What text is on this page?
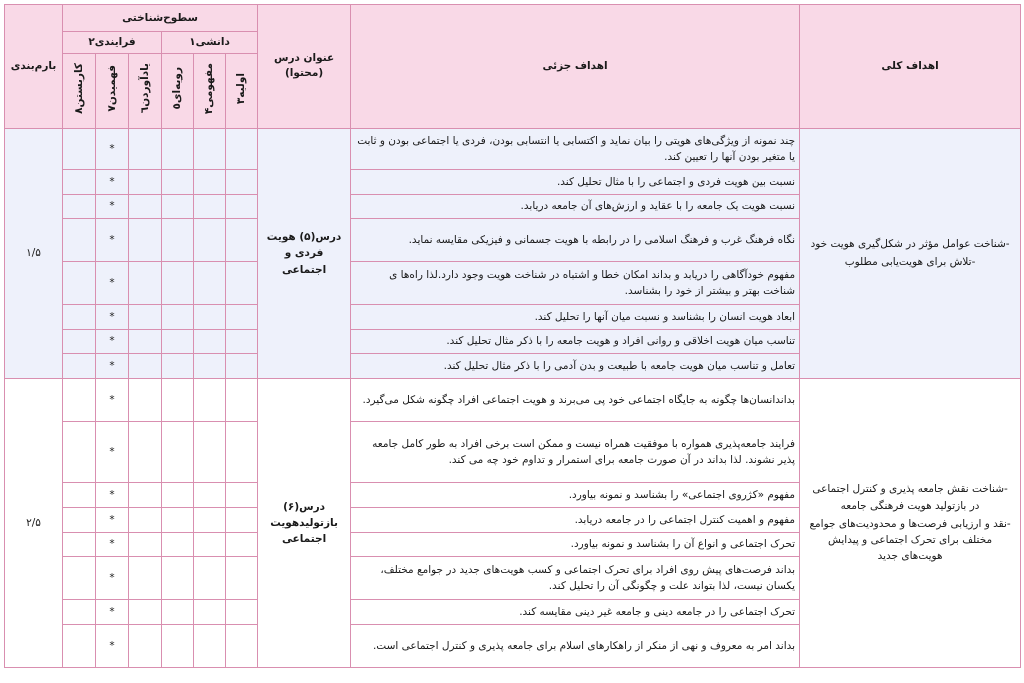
بارم‌بندی	سطوح‌شناختی						عنوان درس (محتوا)	اهداف جزئی	اهداف کلی
	فرایندی٢			دانشی١					
	کاربستن٨	فهمیدن٧	یادآوردن٦	رویه‌ای٥	مفهومی۴	اولیه٣			
۱/۵		*					درس(۵) هویت فردی و اجتماعی	چند نمونه از ویژگی‌های هویتی را بیان نماید و اکتسابی یا انتسابی بودن، فردی یا اجتماعی بودن و ثابت یا متغیر بودن آنها را تعیین کند.	-شناخت عوامل مؤثر در شکل‌گیری هویت خود
-تلاش برای هویت‌یابی مطلوب

		*						نسبت بین هویت فردی و اجتماعی را با مثال تحلیل کند.	
		*						نسبت هویت یک جامعه را با عقاید و ارزش‌های آن جامعه دریابد.	
		*						نگاه فرهنگ غرب و فرهنگ اسلامی را در رابطه با هویت جسمانی و فیزیکی مقایسه نماید.	
		*						مفهوم خودآگاهی را دریابد و بداند امکان خطا و اشتباه در شناخت هویت وجود دارد.لذا راه‌ها ی شناخت بهتر و بیشتر از خود را بشناسد.	
		*						ابعاد هویت انسان را بشناسد و نسبت میان آنها را تحلیل کند.	
		*						تناسب میان هویت اخلاقی و روانی افراد و هویت جامعه را با ذکر مثال تحلیل کند.	
		*						تعامل و تناسب میان هویت جامعه با طبیعت و بدن آدمی را با ذکر مثال تحلیل کند.	
۲/۵		*					درس(۶) بازتولیدهویت اجتماعی	بداندانسان‌ها چگونه به جایگاه اجتماعی خود پی می‌برند و هویت اجتماعی افراد چگونه شکل می‌گیرد.	-شناخت نقش جامعه پذیری و کنترل اجتماعی در بازتولید هویت فرهنگی جامعه
-نقد و ارزیابی فرصت‌ها و محدودیت‌های جوامع مختلف برای تحرک اجتماعی و پیدایش هویت‌های جدید

		*						فرایند جامعه‌پذیری همواره با موفقیت همراه نیست و ممکن است برخی افراد به طور کامل جامعه پذیر نشوند. لذا بداند در آن صورت جامعه برای استمرار و تداوم خود چه می کند.	
		*						مفهوم «کژروی اجتماعی» را بشناسد و نمونه بیاورد.	
		*						مفهوم و اهمیت کنترل اجتماعی را در جامعه دریابد.	
		*						تحرک اجتماعی و انواع آن را بشناسد و نمونه بیاورد.	
		*						بداند فرصت‌های پیش روی افراد برای تحرک اجتماعی و کسب هویت‌های جدید در جوامع مختلف، یکسان نیست، لذا بتواند علت و چگونگی آن را تحلیل کند.	
		*						تحرک اجتماعی را در جامعه دینی و جامعه غیر دینی مقایسه کند.	
		*						بداند امر به معروف و نهی از منکر از راهکارهای اسلام برای جامعه پذیری و کنترل اجتماعی است.	
